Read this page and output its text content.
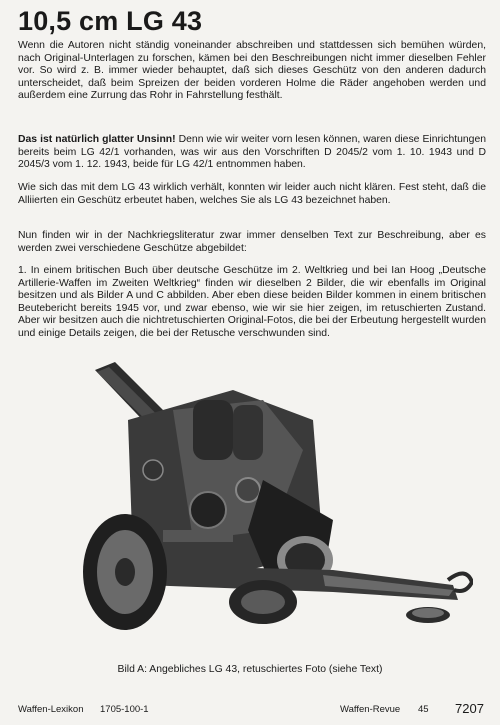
10,5 cm LG 43

Wenn die Autoren nicht ständig voneinander abschreiben und stattdessen sich bemühen würden, nach Original-Unterlagen zu forschen, kämen bei den Beschreibungen nicht immer dieselben Fehler vor. So wird z. B. immer wieder behauptet, daß sich dieses Geschütz von den anderen dadurch unterscheidet, daß beim Spreizen der beiden vorderen Holme die Räder angehoben werden und außerdem eine Zurrung das Rohr in Fahrstellung festhält.

Das ist natürlich glatter Unsinn! Denn wie wir weiter vorn lesen können, waren diese Einrichtungen bereits beim LG 42/1 vorhanden, was wir aus den Vorschriften D 2045/2 vom 1. 10. 1943 und D 2045/3 vom 1. 12. 1943, beide für LG 42/1 entnommen haben.

Wie sich das mit dem LG 43 wirklich verhält, konnten wir leider auch nicht klären. Fest steht, daß die Alliierten ein Geschütz erbeutet haben, welches Sie als LG 43 bezeichnet haben.

Nun finden wir in der Nachkriegsliteratur zwar immer denselben Text zur Beschreibung, aber es werden zwei verschiedene Geschütze abgebildet:

1. In einem britischen Buch über deutsche Geschütze im 2. Weltkrieg und bei Ian Hoog „Deutsche Artillerie-Waffen im Zweiten Weltkrieg“ finden wir dieselben 2 Bilder, die wir ebenfalls im Original besitzen und als Bilder A und C abbilden. Aber eben diese beiden Bilder kommen in einem britischen Beutebericht bereits 1945 vor, und zwar ebenso, wie wir sie hier zeigen, im retuschierten Zustand. Aber wir besitzen auch die nichtretuschierten Original-Fotos, die bei der Erbeutung hergestellt wurden und einige Details zeigen, die bei der Retusche verschwunden sind.

Bild A: Angebliches LG 43, retuschiertes Foto (siehe Text)
Waffen-Lexikon 1705-100-1	Waffen-Revue 45 7207
